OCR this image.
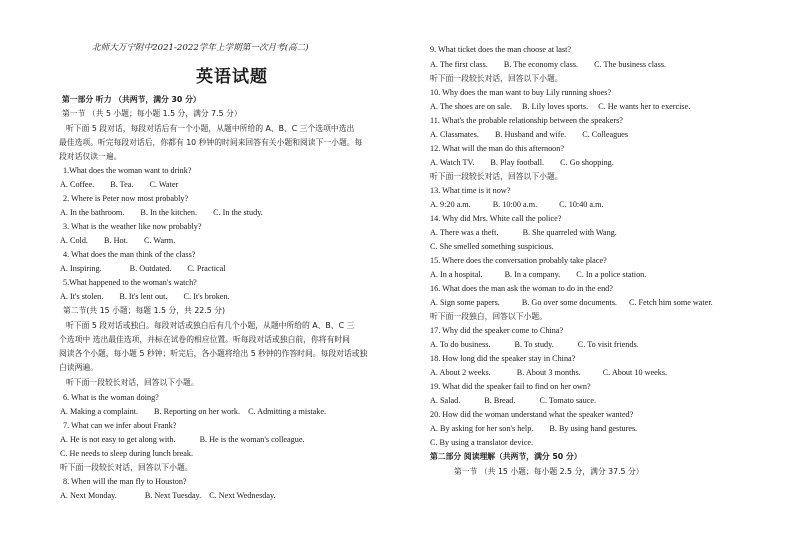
北师大万宁附中2021-2022学年上学期第一次月考(高二)
英语试题
第一部分 听力 （共两节，满分 30 分）
第一节 （共 5 小题；每小题 1.5 分，满分 7.5 分）
听下面 5 段对话，每段对话后有一个小题，从题中所给的 A、B、C 三个选项中选出
最佳选项。听完每段对话后，你都有 10 秒钟的时间来回答有关小题和阅读下一小题。每
段对话仅读一遍。
1.What does the woman want to drink?
A. Coffee. B. Tea. C. Water
2. Where is Peter now most probably?
A. In the bathroom. B. In the kitchen. C. In the study.
3. What is the weather like now probably?
A. Cold. B. Hot. C. Warm.
4. What does the man think of the class?
A. Inspiring.	B. Outdated. C. Practical
5.What happened to the woman's watch?
A. It's stolen. B. It's lent out. C. It's broken.
第二节(共 15 小题；每题 1.5 分，共 22.5 分)
听下面 5 段对话或独白。每段对话或独白后有几个小题，从题中所给的 A、B、C 三
个选项中 选出最佳选项，并标在试卷的相应位置。听每段对话或独白前，你将有时间
阅读各个小题，每小题 5 秒钟；听完后，各小题将给出 5 秒钟的作答时间。每段对话或独
白读两遍。
听下面一段较长对话，回答以下小题。
6. What is the woman doing?
A. Making a complaint. B. Reporting on her work. C. Admitting a mistake.
7. What can we infer about Frank?
A. He is not easy to get along with.	B. He is the woman's colleague.
C. He needs to sleep during lunch break.
听下面一段较长对话，回答以下小题。
8. When will the man fly to Houston?
A. Next Monday.	B. Next Tuesday. C. Next Wednesday.
9. What ticket does the man choose at last?
A. The first class. B. The economy class. C. The business class.
听下面一段较长对话，回答以下小题。
10. Why does the man want to buy Lily running shoes?
A. The shoes are on sale. B. Lily loves sports. C. He wants her to exercise.
11. What's the probable relationship between the speakers?
A. Classmates. B. Husband and wife. C. Colleagues
12. What will the man do this afternoon?
A. Watch TV. B. Play football. C. Go shopping.
听下面一段较长对话，回答以下小题。
13. What time is it now?
A. 9:20 a.m.	B. 10:00 a.m.	C. 10:40 a.m.
14. Why did Mrs. White call the police?
A. There was a theft.	B. She quarreled with Wang.
C. She smelled something suspicious.
15. Where does the conversation probably take place?
A. In a hospital.	B. In a company. C. In a police station.
16. What does the man ask the woman to do in the end?
A. Sign some papers.	B. Go over some documents. C. Fetch him some water.
听下面一段独白，回答以下小题。
17. Why did the speaker come to China?
A. To do business.	B. To study.	C. To visit friends.
18. How long did the speaker stay in China?
A. About 2 weeks.	B. About 3 months.	C. About 10 weeks.
19. What did the speaker fail to find on her own?
A. Salad.	B. Bread.	C. Tomato sauce.
20. How did the woman understand what the speaker wanted?
A. By asking for her son's help. B. By using hand gestures.
C. By using a translator device.
第二部分 阅读理解（共两节，满分 50 分）
第一节 （共 15 小题；每小题 2.5 分，满分 37.5 分）
